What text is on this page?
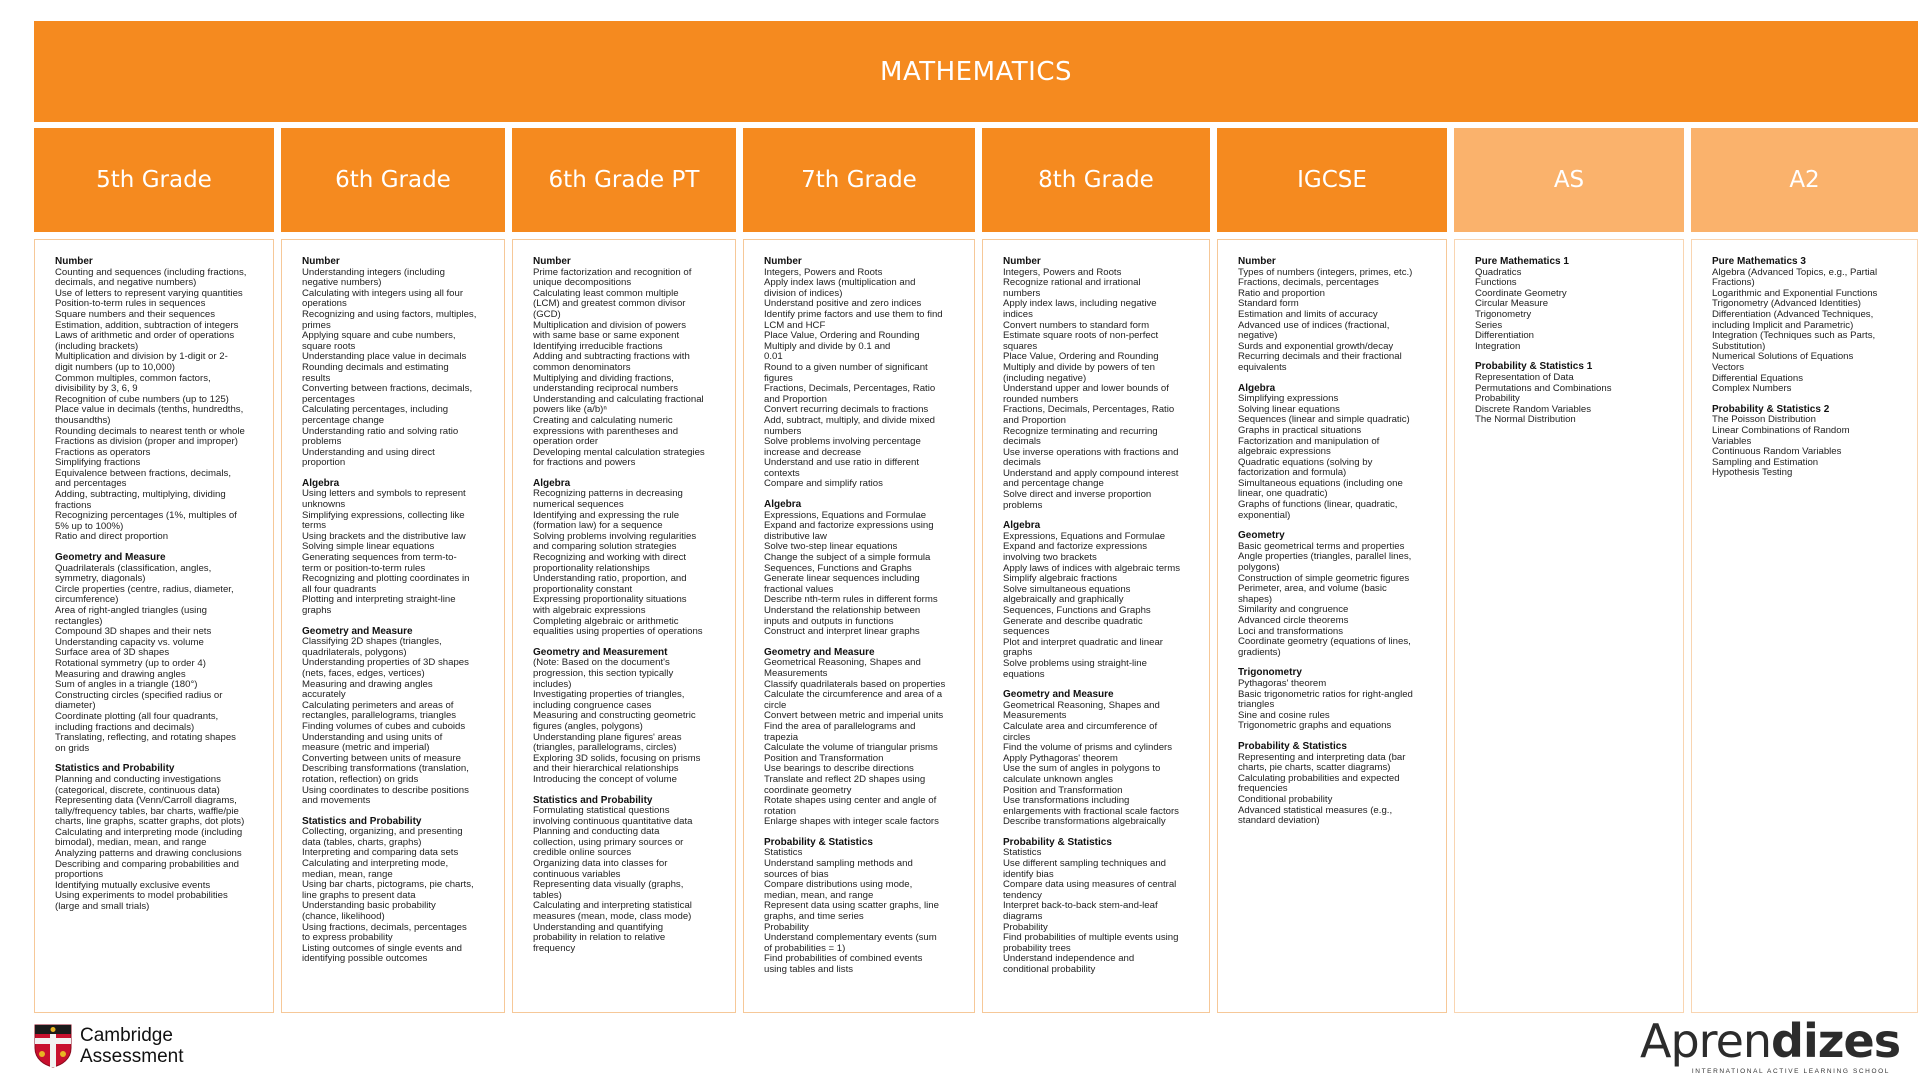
MATHEMATICS
5th Grade
Number
Counting and sequences (including fractions,
decimals, and negative numbers)
Use of letters to represent varying quantities
Position-to-term rules in sequences
Square numbers and their sequences
Estimation, addition, subtraction of integers
Laws of arithmetic and order of operations
(including brackets)
Multiplication and division by 1-digit or 2-
digit numbers (up to 10,000)
Common multiples, common factors,
divisibility by 3, 6, 9
Recognition of cube numbers (up to 125)
Place value in decimals (tenths, hundredths,
thousandths)
Rounding decimals to nearest tenth or whole
Fractions as division (proper and improper)
Fractions as operators
Simplifying fractions
Equivalence between fractions, decimals,
and percentages
Adding, subtracting, multiplying, dividing
fractions
Recognizing percentages (1%, multiples of
5% up to 100%)
Ratio and direct proportion
Geometry and Measure
Quadrilaterals (classification, angles,
symmetry, diagonals)
Circle properties (centre, radius, diameter,
circumference)
Area of right-angled triangles (using
rectangles)
Compound 3D shapes and their nets
Understanding capacity vs. volume
Surface area of 3D shapes
Rotational symmetry (up to order 4)
Measuring and drawing angles
Sum of angles in a triangle (180°)
Constructing circles (specified radius or
diameter)
Coordinate plotting (all four quadrants,
including fractions and decimals)
Translating, reflecting, and rotating shapes
on grids
Statistics and Probability
Planning and conducting investigations
(categorical, discrete, continuous data)
Representing data (Venn/Carroll diagrams,
tally/frequency tables, bar charts, waffle/pie
charts, line graphs, scatter graphs, dot plots)
Calculating and interpreting mode (including
bimodal), median, mean, and range
Analyzing patterns and drawing conclusions
Describing and comparing probabilities and
proportions
Identifying mutually exclusive events
Using experiments to model probabilities
(large and small trials)
6th Grade
Number
Understanding integers (including
negative numbers)
Calculating with integers using all four
operations
Recognizing and using factors, multiples,
primes
Applying square and cube numbers,
square roots
Understanding place value in decimals
Rounding decimals and estimating
results
Converting between fractions, decimals,
percentages
Calculating percentages, including
percentage change
Understanding ratio and solving ratio
problems
Understanding and using direct
proportion
Algebra
Using letters and symbols to represent
unknowns
Simplifying expressions, collecting like
terms
Using brackets and the distributive law
Solving simple linear equations
Generating sequences from term-to-
term or position-to-term rules
Recognizing and plotting coordinates in
all four quadrants
Plotting and interpreting straight-line
graphs
Geometry and Measure
Classifying 2D shapes (triangles,
quadrilaterals, polygons)
Understanding properties of 3D shapes
(nets, faces, edges, vertices)
Measuring and drawing angles
accurately
Calculating perimeters and areas of
rectangles, parallelograms, triangles
Finding volumes of cubes and cuboids
Understanding and using units of
measure (metric and imperial)
Converting between units of measure
Describing transformations (translation,
rotation, reflection) on grids
Using coordinates to describe positions
and movements
Statistics and Probability
Collecting, organizing, and presenting
data (tables, charts, graphs)
Interpreting and comparing data sets
Calculating and interpreting mode,
median, mean, range
Using bar charts, pictograms, pie charts,
line graphs to present data
Understanding basic probability
(chance, likelihood)
Using fractions, decimals, percentages
to express probability
Listing outcomes of single events and
identifying possible outcomes
6th Grade PT
Number
Prime factorization and recognition of
unique decompositions
Calculating least common multiple
(LCM) and greatest common divisor
(GCD)
Multiplication and division of powers
with same base or same exponent
Identifying irreducible fractions
Adding and subtracting fractions with
common denominators
Multiplying and dividing fractions,
understanding reciprocal numbers
Understanding and calculating fractional
powers like (a/b)ⁿ
Creating and calculating numeric
expressions with parentheses and
operation order
Developing mental calculation strategies
for fractions and powers
Algebra
Recognizing patterns in decreasing
numerical sequences
Identifying and expressing the rule
(formation law) for a sequence
Solving problems involving regularities
and comparing solution strategies
Recognizing and working with direct
proportionality relationships
Understanding ratio, proportion, and
proportionality constant
Expressing proportionality situations
with algebraic expressions
Completing algebraic or arithmetic
equalities using properties of operations
Geometry and Measurement
(Note: Based on the document's
progression, this section typically
includes)
Investigating properties of triangles,
including congruence cases
Measuring and constructing geometric
figures (angles, polygons)
Understanding plane figures' areas
(triangles, parallelograms, circles)
Exploring 3D solids, focusing on prisms
and their hierarchical relationships
Introducing the concept of volume
Statistics and Probability
Formulating statistical questions
involving continuous quantitative data
Planning and conducting data
collection, using primary sources or
credible online sources
Organizing data into classes for
continuous variables
Representing data visually (graphs,
tables)
Calculating and interpreting statistical
measures (mean, mode, class mode)
Understanding and quantifying
probability in relation to relative
frequency
7th Grade
Number
Integers, Powers and Roots
Apply index laws (multiplication and
division of indices)
Understand positive and zero indices
Identify prime factors and use them to find
LCM and HCF
Place Value, Ordering and Rounding
Multiply and divide by 0.1 and
0.01
Round to a given number of significant
figures
Fractions, Decimals, Percentages, Ratio
and Proportion
Convert recurring decimals to fractions
Add, subtract, multiply, and divide mixed
numbers
Solve problems involving percentage
increase and decrease
Understand and use ratio in different
contexts
Compare and simplify ratios
Algebra
Expressions, Equations and Formulae
Expand and factorize expressions using
distributive law
Solve two-step linear equations
Change the subject of a simple formula
Sequences, Functions and Graphs
Generate linear sequences including
fractional values
Describe nth-term rules in different forms
Understand the relationship between
inputs and outputs in functions
Construct and interpret linear graphs
Geometry and Measure
Geometrical Reasoning, Shapes and
Measurements
Classify quadrilaterals based on properties
Calculate the circumference and area of a
circle
Convert between metric and imperial units
Find the area of parallelograms and
trapezia
Calculate the volume of triangular prisms
Position and Transformation
Use bearings to describe directions
Translate and reflect 2D shapes using
coordinate geometry
Rotate shapes using center and angle of
rotation
Enlarge shapes with integer scale factors
Probability & Statistics
Statistics
Understand sampling methods and
sources of bias
Compare distributions using mode,
median, mean, and range
Represent data using scatter graphs, line
graphs, and time series
Probability
Understand complementary events (sum
of probabilities = 1)
Find probabilities of combined events
using tables and lists
8th Grade
Number
Integers, Powers and Roots
Recognize rational and irrational
numbers
Apply index laws, including negative
indices
Convert numbers to standard form
Estimate square roots of non-perfect
squares
Place Value, Ordering and Rounding
Multiply and divide by powers of ten
(including negative)
Understand upper and lower bounds of
rounded numbers
Fractions, Decimals, Percentages, Ratio
and Proportion
Recognize terminating and recurring
decimals
Use inverse operations with fractions and
decimals
Understand and apply compound interest
and percentage change
Solve direct and inverse proportion
problems
Algebra
Expressions, Equations and Formulae
Expand and factorize expressions
involving two brackets
Apply laws of indices with algebraic terms
Simplify algebraic fractions
Solve simultaneous equations
algebraically and graphically
Sequences, Functions and Graphs
Generate and describe quadratic
sequences
Plot and interpret quadratic and linear
graphs
Solve problems using straight-line
equations
Geometry and Measure
Geometrical Reasoning, Shapes and
Measurements
Calculate area and circumference of
circles
Find the volume of prisms and cylinders
Apply Pythagoras' theorem
Use the sum of angles in polygons to
calculate unknown angles
Position and Transformation
Use transformations including
enlargements with fractional scale factors
Describe transformations algebraically
Probability & Statistics
Statistics
Use different sampling techniques and
identify bias
Compare data using measures of central
tendency
Interpret back-to-back stem-and-leaf
diagrams
Probability
Find probabilities of multiple events using
probability trees
Understand independence and
conditional probability
IGCSE
Number
Types of numbers (integers, primes, etc.)
Fractions, decimals, percentages
Ratio and proportion
Standard form
Estimation and limits of accuracy
Advanced use of indices (fractional,
negative)
Surds and exponential growth/decay
Recurring decimals and their fractional
equivalents
Algebra
Simplifying expressions
Solving linear equations
Sequences (linear and simple quadratic)
Graphs in practical situations
Factorization and manipulation of
algebraic expressions
Quadratic equations (solving by
factorization and formula)
Simultaneous equations (including one
linear, one quadratic)
Graphs of functions (linear, quadratic,
exponential)
Geometry
Basic geometrical terms and properties
Angle properties (triangles, parallel lines,
polygons)
Construction of simple geometric figures
Perimeter, area, and volume (basic
shapes)
Similarity and congruence
Advanced circle theorems
Loci and transformations
Coordinate geometry (equations of lines,
gradients)
Trigonometry
Pythagoras' theorem
Basic trigonometric ratios for right-angled
triangles
Sine and cosine rules
Trigonometric graphs and equations
Probability & Statistics
Representing and interpreting data (bar
charts, pie charts, scatter diagrams)
Calculating probabilities and expected
frequencies
Conditional probability
Advanced statistical measures (e.g.,
standard deviation)
AS
Pure Mathematics 1
Quadratics
Functions
Coordinate Geometry
Circular Measure
Trigonometry
Series
Differentiation
Integration
Probability & Statistics 1
Representation of Data
Permutations and Combinations
Probability
Discrete Random Variables
The Normal Distribution
A2
Pure Mathematics 3
Algebra (Advanced Topics, e.g., Partial
Fractions)
Logarithmic and Exponential Functions
Trigonometry (Advanced Identities)
Differentiation (Advanced Techniques,
including Implicit and Parametric)
Integration (Techniques such as Parts,
Substitution)
Numerical Solutions of Equations
Vectors
Differential Equations
Complex Numbers
Probability & Statistics 2
The Poisson Distribution
Linear Combinations of Random
Variables
Continuous Random Variables
Sampling and Estimation
Hypothesis Testing
Cambridge
Assessment	Aprendizes
INTERNATIONAL ACTIVE LEARNING SCHOOL
